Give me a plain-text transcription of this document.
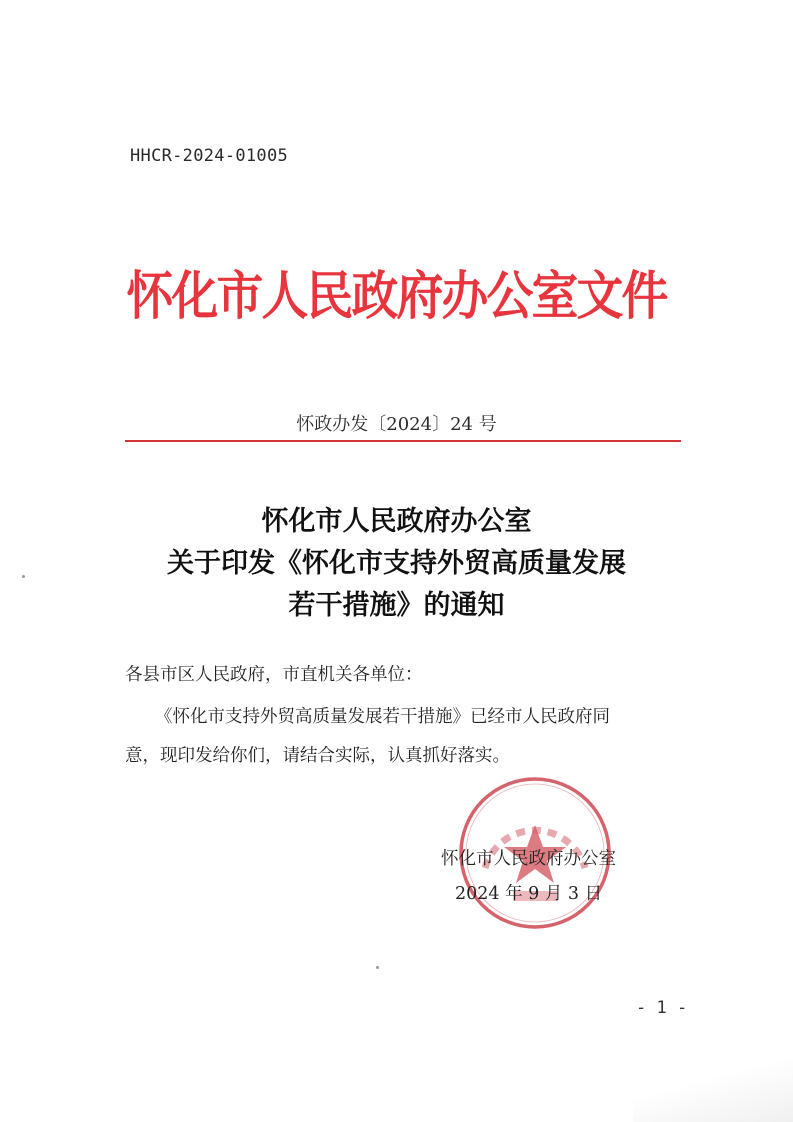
HHCR-2024-01005
怀化市人民政府办公室文件
怀政办发〔2024〕24 号
怀化市人民政府办公室
关于印发《怀化市支持外贸高质量发展
若干措施》的通知
各县市区人民政府，市直机关各单位：
《怀化市支持外贸高质量发展若干措施》已经市人民政府同
意，现印发给你们，请结合实际，认真抓好落实。
怀化市人民政府办公室
2024 年 9 月 3 日
- 1 -
